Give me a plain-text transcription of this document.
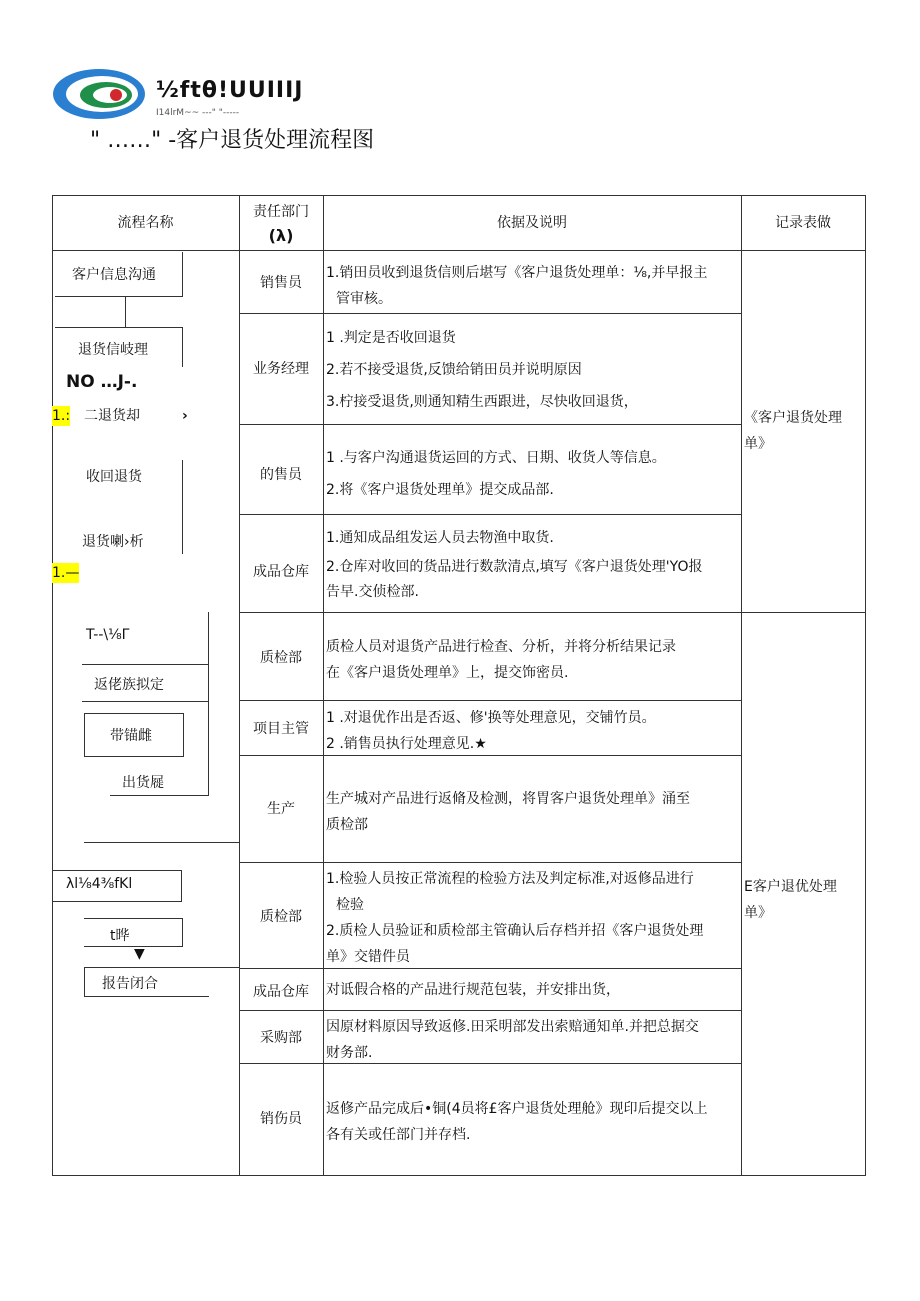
½ftθ!UUIIIJ
I14lrM~~ ---" "-----
" ……" -客户退货处理流程图
流程名称
责任部门
(λ)
依据及说明	记录表做
客户信息沟通
退货信岐理
NO …J-.
1.: 二退货却	›
收回退货
退货喇›析
1.—
T--\⅛Γ
返佬族拟定
带锚雌
出货屣
λl⅛4⅜fKl
t晔
▼
报告闭合
销售员
业务经理
的售员
成品仓库
质检部
项目主管
生产
质检部
成品仓库
采购部
销伤员
1.销田员收到退货信则后堪写《客户退货处理单：⅛,并早报主
管审核。
1 .判定是否收回退货
2.若不接受退货,反馈给销田员并说明原因
3.柠接受退货,则通知精生西跟进，尽快收回退货，
1 .与客户沟通退货运回的方式、日期、收货人等信息。
2.将《客户退货处理单》提交成品部.
1.通知成品组发运人员去物渔中取货.
2.仓库对收回的货品进行数款清点,填写《客户退货处理'YO报
告早.交侦检部.
质检人员对退货产品进行检查、分析，并将分析结果记录
在《客户退货处理单》上，提交饰密员.
1 .对退优作出是否返、修'换等处理意见，交铺竹员。
2 .销售员执行处理意见.★
生产城对产品进行返脩及检测，将胃客户退货处理单》涌至
质检部
1.检验人员按正常流程的检验方法及判定标准,对返修品进行
检验
2.质检人员验证和质检部主管确认后存档并招《客户退货处理
单》交错件员
对诋假合格的产品进行规范包装，并安排出货，
因原材料原因导致返修.田采明部发出索赔通知单.并把总据交
财务部.
返修产品完成后•铜(4员将£客户退货处理舱》现印后提交以上
各有关或任部门并存档.
《客户退货处理
单》
E客户退优处理
单》
